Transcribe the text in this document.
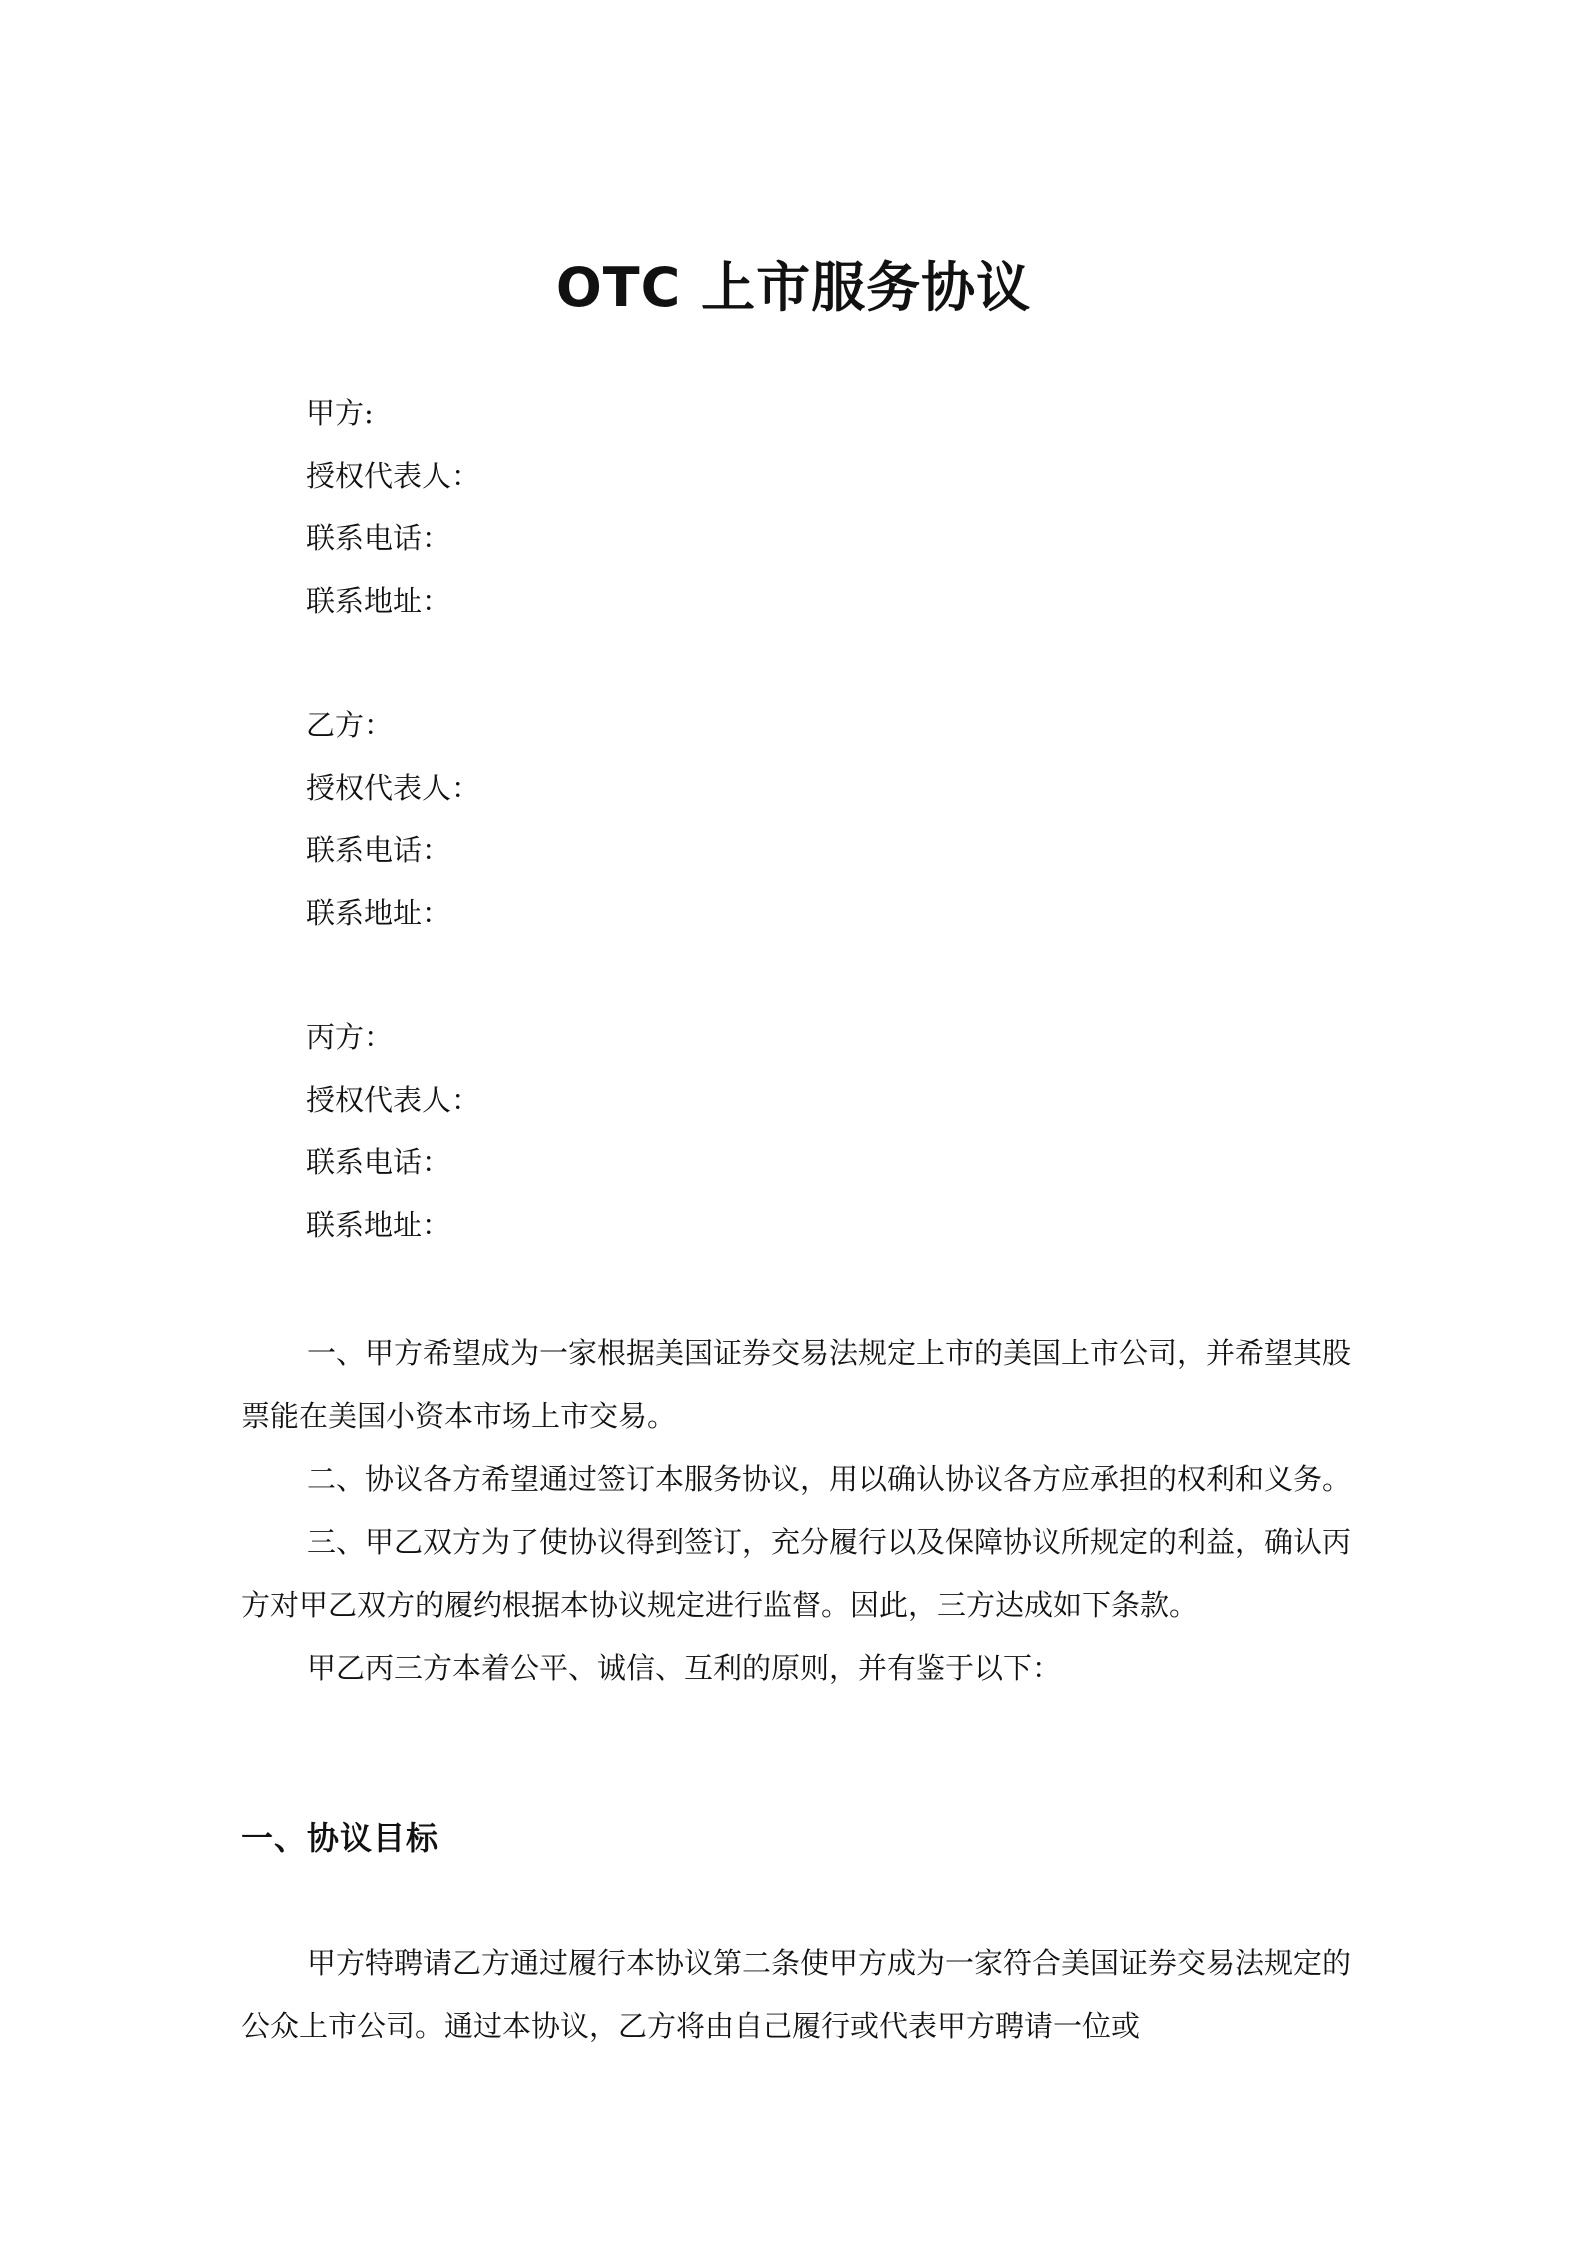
OTC 上市服务协议
甲方:
授权代表人：
联系电话：
联系地址：
乙方：
授权代表人：
联系电话：
联系地址：
丙方：
授权代表人：
联系电话：
联系地址：

一、甲方希望成为一家根据美国证券交易法规定上市的美国上市公司，并希望其股票能在美国小资本市场上市交易。

二、协议各方希望通过签订本服务协议，用以确认协议各方应承担的权利和义务。

三、甲乙双方为了使协议得到签订，充分履行以及保障协议所规定的利益，确认丙方对甲乙双方的履约根据本协议规定进行监督。因此，三方达成如下条款。

甲乙丙三方本着公平、诚信、互利的原则，并有鉴于以下：

一、协议目标

甲方特聘请乙方通过履行本协议第二条使甲方成为一家符合美国证券交易法规定的公众上市公司。通过本协议，乙方将由自己履行或代表甲方聘请一位或
